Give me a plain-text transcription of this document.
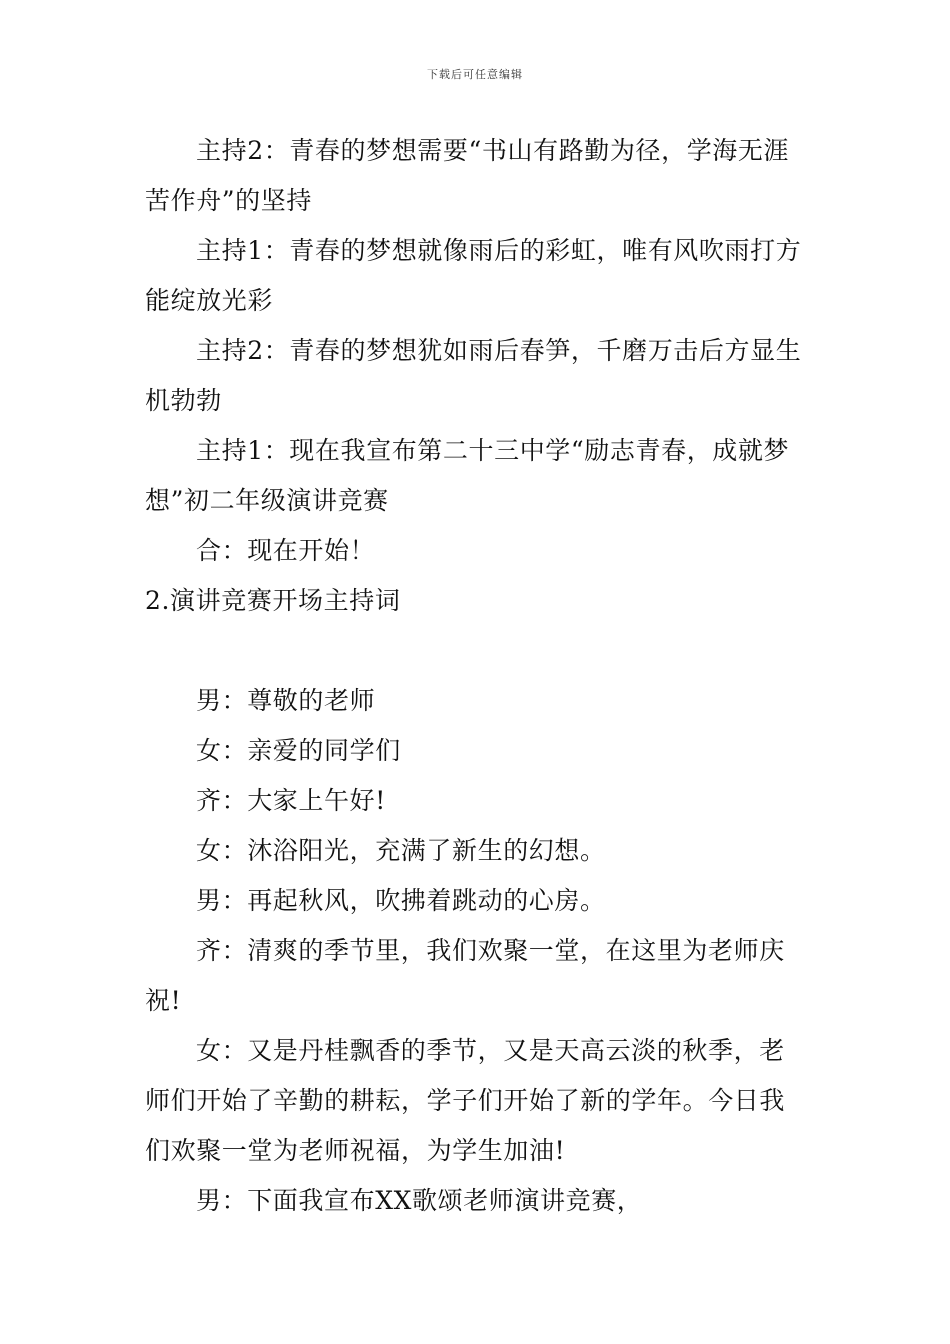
下载后可任意编辑

主持2：青春的梦想需要“书山有路勤为径，学海无涯苦作舟”的坚持

主持1：青春的梦想就像雨后的彩虹，唯有风吹雨打方能绽放光彩

主持2：青春的梦想犹如雨后春笋，千磨万击后方显生机勃勃

主持1：现在我宣布第二十三中学“励志青春，成就梦想”初二年级演讲竞赛

合：现在开始！

2.演讲竞赛开场主持词

男：尊敬的老师

女：亲爱的同学们

齐：大家上午好!

女：沐浴阳光，充满了新生的幻想。

男：再起秋风，吹拂着跳动的心房。

齐：清爽的季节里，我们欢聚一堂，在这里为老师庆祝!

女：又是丹桂飘香的季节，又是天高云淡的秋季，老师们开始了辛勤的耕耘，学子们开始了新的学年。今日我们欢聚一堂为老师祝福，为学生加油!

男：下面我宣布XX歌颂老师演讲竞赛，
